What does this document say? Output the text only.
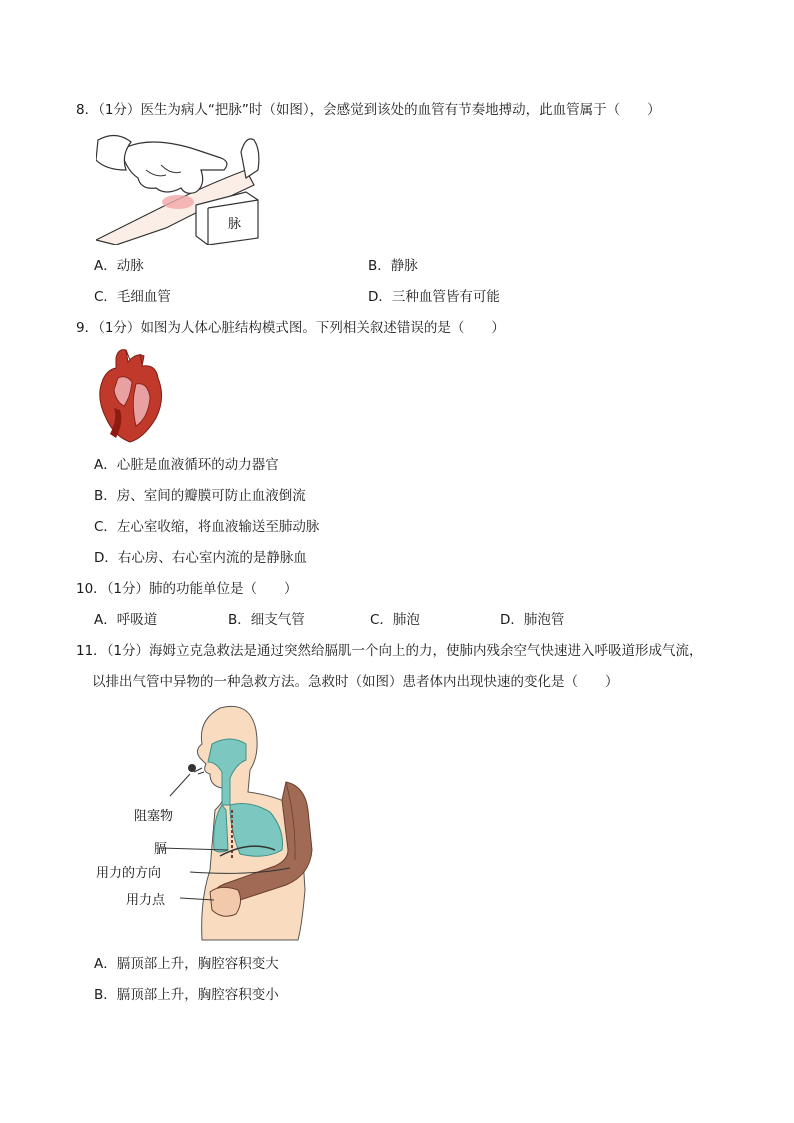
8．（1分）医生为病人“把脉”时（如图），会感觉到该处的血管有节奏地搏动，此血管属于（　　）
脉
A．动脉	B．静脉
C．毛细血管	D．三种血管皆有可能
9．（1分）如图为人体心脏结构模式图。下列相关叙述错误的是（　　）
A．心脏是血液循环的动力器官
B．房、室间的瓣膜可防止血液倒流
C．左心室收缩，将血液输送至肺动脉
D．右心房、右心室内流的是静脉血
10．（1分）肺的功能单位是（　　）
A．呼吸道	B．细支气管	C．肺泡	D．肺泡管
11．（1分）海姆立克急救法是通过突然给膈肌一个向上的力，使肺内残余空气快速进入呼吸道形成气流，
以排出气管中异物的一种急救方法。急救时（如图）患者体内出现快速的变化是（　　）
阻塞物
膈
用力的方向
用力点
A．膈顶部上升，胸腔容积变大
B．膈顶部上升，胸腔容积变小
